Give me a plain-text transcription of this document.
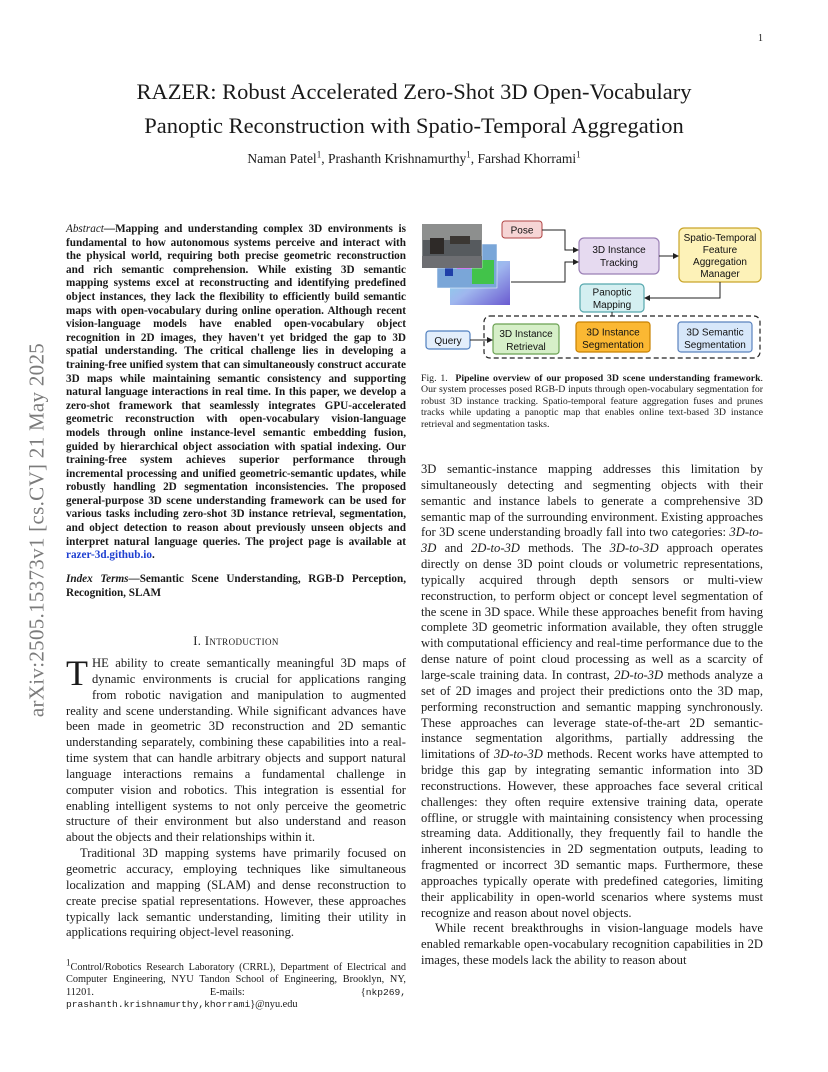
1
arXiv:2505.15373v1 [cs.CV] 21 May 2025
RAZER: Robust Accelerated Zero-Shot 3D Open-Vocabulary
Panoptic Reconstruction with Spatio-Temporal Aggregation
Naman Patel$^1$, Prashanth Krishnamurthy$^1$, Farshad Khorrami$^1$
Abstract—Mapping and understanding complex 3D environments is fundamental to how autonomous systems perceive and interact with the physical world, requiring both precise geometric reconstruction and rich semantic comprehension. While existing 3D semantic mapping systems excel at reconstructing and identifying predefined object instances, they lack the flexibility to efficiently build semantic maps with open-vocabulary during online operation. Although recent vision-language models have enabled open-vocabulary object recognition in 2D images, they haven't yet bridged the gap to 3D spatial understanding. The critical challenge lies in developing a training-free unified system that can simultaneously construct accurate 3D maps while maintaining semantic consistency and supporting natural language interactions in real time. In this paper, we develop a zero-shot framework that seamlessly integrates GPU-accelerated geometric reconstruction with open-vocabulary vision-language models through online instance-level semantic embedding fusion, guided by hierarchical object association with spatial indexing. Our training-free system achieves superior performance through incremental processing and unified geometric-semantic updates, while robustly handling 2D segmentation inconsistencies. The proposed general-purpose 3D scene understanding framework can be used for various tasks including zero-shot 3D instance retrieval, segmentation, and object detection to reason about previously unseen objects and interpret natural language queries. The project page is available at razer-3d.github.io.
Index Terms—Semantic Scene Understanding, RGB-D Perception, Recognition, SLAM
I. Introduction

THE ability to create semantically meaningful 3D maps of dynamic environments is crucial for applications ranging from robotic navigation and manipulation to augmented reality and scene understanding. While significant advances have been made in geometric 3D reconstruction and 2D semantic understanding separately, combining these capabilities into a real-time system that can handle arbitrary objects and support natural language interactions remains a fundamental challenge in computer vision and robotics. This integration is essential for enabling intelligent systems to not only perceive the geometric structure of their environment but also understand and reason about the objects and their relationships within it.

Traditional 3D mapping systems have primarily focused on geometric accuracy, employing techniques like simultaneous localization and mapping (SLAM) and dense reconstruction to create precise spatial representations. However, these approaches typically lack semantic understanding, limiting their utility in applications requiring object-level reasoning.

$^1$Control/Robotics Research Laboratory (CRRL), Department of Electrical and Computer Engineering, NYU Tandon School of Engineering, Brooklyn, NY, 11201. E-mails: {nkp269, prashanth.krishnamurthy,khorrami}@nyu.edu
Pose
3D Instance
Tracking
Spatio-Temporal
Feature
Aggregation
Manager
Panoptic
Mapping
Query
3D Instance
Retrieval
3D Instance
Segmentation
3D Semantic
Segmentation
Fig. 1. Pipeline overview of our proposed 3D scene understanding framework. Our system processes posed RGB-D inputs through open-vocabulary segmentation for robust 3D instance tracking. Spatio-temporal feature aggregation fuses and prunes tracks while updating a panoptic map that enables online text-based 3D instance retrieval and segmentation tasks.

3D semantic-instance mapping addresses this limitation by simultaneously detecting and segmenting objects with their semantic and instance labels to generate a comprehensive 3D semantic map of the surrounding environment. Existing approaches for 3D scene understanding broadly fall into two categories: 3D-to-3D and 2D-to-3D methods. The 3D-to-3D approach operates directly on dense 3D point clouds or volumetric representations, typically acquired through depth sensors or multi-view reconstruction, to perform object or concept level segmentation of the scene in 3D space. While these approaches benefit from having complete 3D geometric information available, they often struggle with computational efficiency and real-time performance due to the dense nature of point cloud processing as well as a scarcity of large-scale training data. In contrast, 2D-to-3D methods analyze a set of 2D images and project their predictions onto the 3D map, performing reconstruction and semantic mapping synchronously. These approaches can leverage state-of-the-art 2D semantic-instance segmentation algorithms, partially addressing the limitations of 3D-to-3D methods. Recent works have attempted to bridge this gap by integrating semantic information into 3D reconstructions. However, these approaches face several critical challenges: they often require extensive training data, operate offline, or struggle with maintaining consistency when processing streaming data. Additionally, they frequently fail to handle the inherent inconsistencies in 2D segmentation outputs, leading to fragmented or incorrect 3D semantic maps. Furthermore, these approaches typically operate with predefined categories, limiting their applicability in open-world scenarios where systems must recognize and reason about novel objects.

While recent breakthroughs in vision-language models have enabled remarkable open-vocabulary recognition capabilities in 2D images, these models lack the ability to reason about
